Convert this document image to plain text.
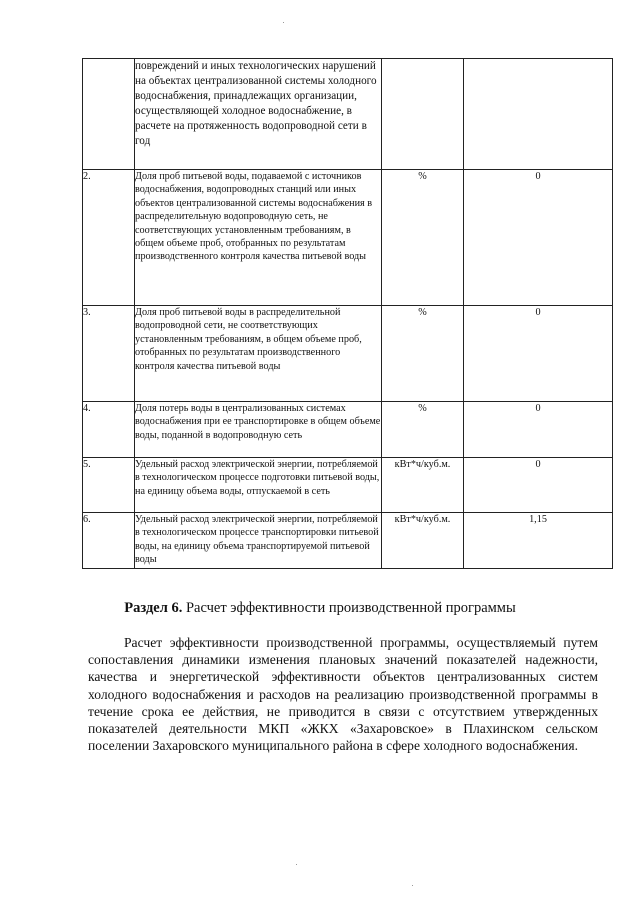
	повреждений и иных технологических нарушений на объектах централизованной системы холодного водоснабжения, принадлежащих организации, осуществляющей холодное водоснабжение, в расчете на протяженность водопроводной сети в год		
2.	Доля проб питьевой воды, подаваемой с источников водоснабжения, водопроводных станций или иных объектов централизованной системы водоснабжения в распределительную водопроводную сеть, не соответствующих установленным требованиям, в общем объеме проб, отобранных по результатам производственного контроля качества питьевой воды	%	0
3.	Доля проб питьевой воды в распределительной водопроводной сети, не соответствующих установленным требованиям, в общем объеме проб, отобранных по результатам производственного контроля качества питьевой воды	%	0
4.	Доля потерь воды в централизованных системах водоснабжения при ее транспортировке в общем объеме воды, поданной в водопроводную сеть	%	0
5.	Удельный расход электрической энергии, потребляемой в технологическом процессе подготовки питьевой воды, на единицу объема воды, отпускаемой в сеть	кВт*ч/куб.м.	0
6.	Удельный расход электрической энергии, потребляемой в технологическом процессе транспортировки питьевой воды, на единицу объема транспортируемой питьевой воды	кВт*ч/куб.м.	1,15
Раздел 6. Расчет эффективности производственной программы

Расчет эффективности производственной программы, осуществляемый путем сопоставления динамики изменения плановых значений показателей надежности, качества и энергетической эффективности объектов централизованных систем холодного водоснабжения и расходов на реализацию производственной программы в течение срока ее действия, не приводится в связи с отсутствием утвержденных показателей деятельности МКП «ЖКХ «Захаровское» в Плахинском сельском поселении Захаровского муниципального района в сфере холодного водоснабжения.
